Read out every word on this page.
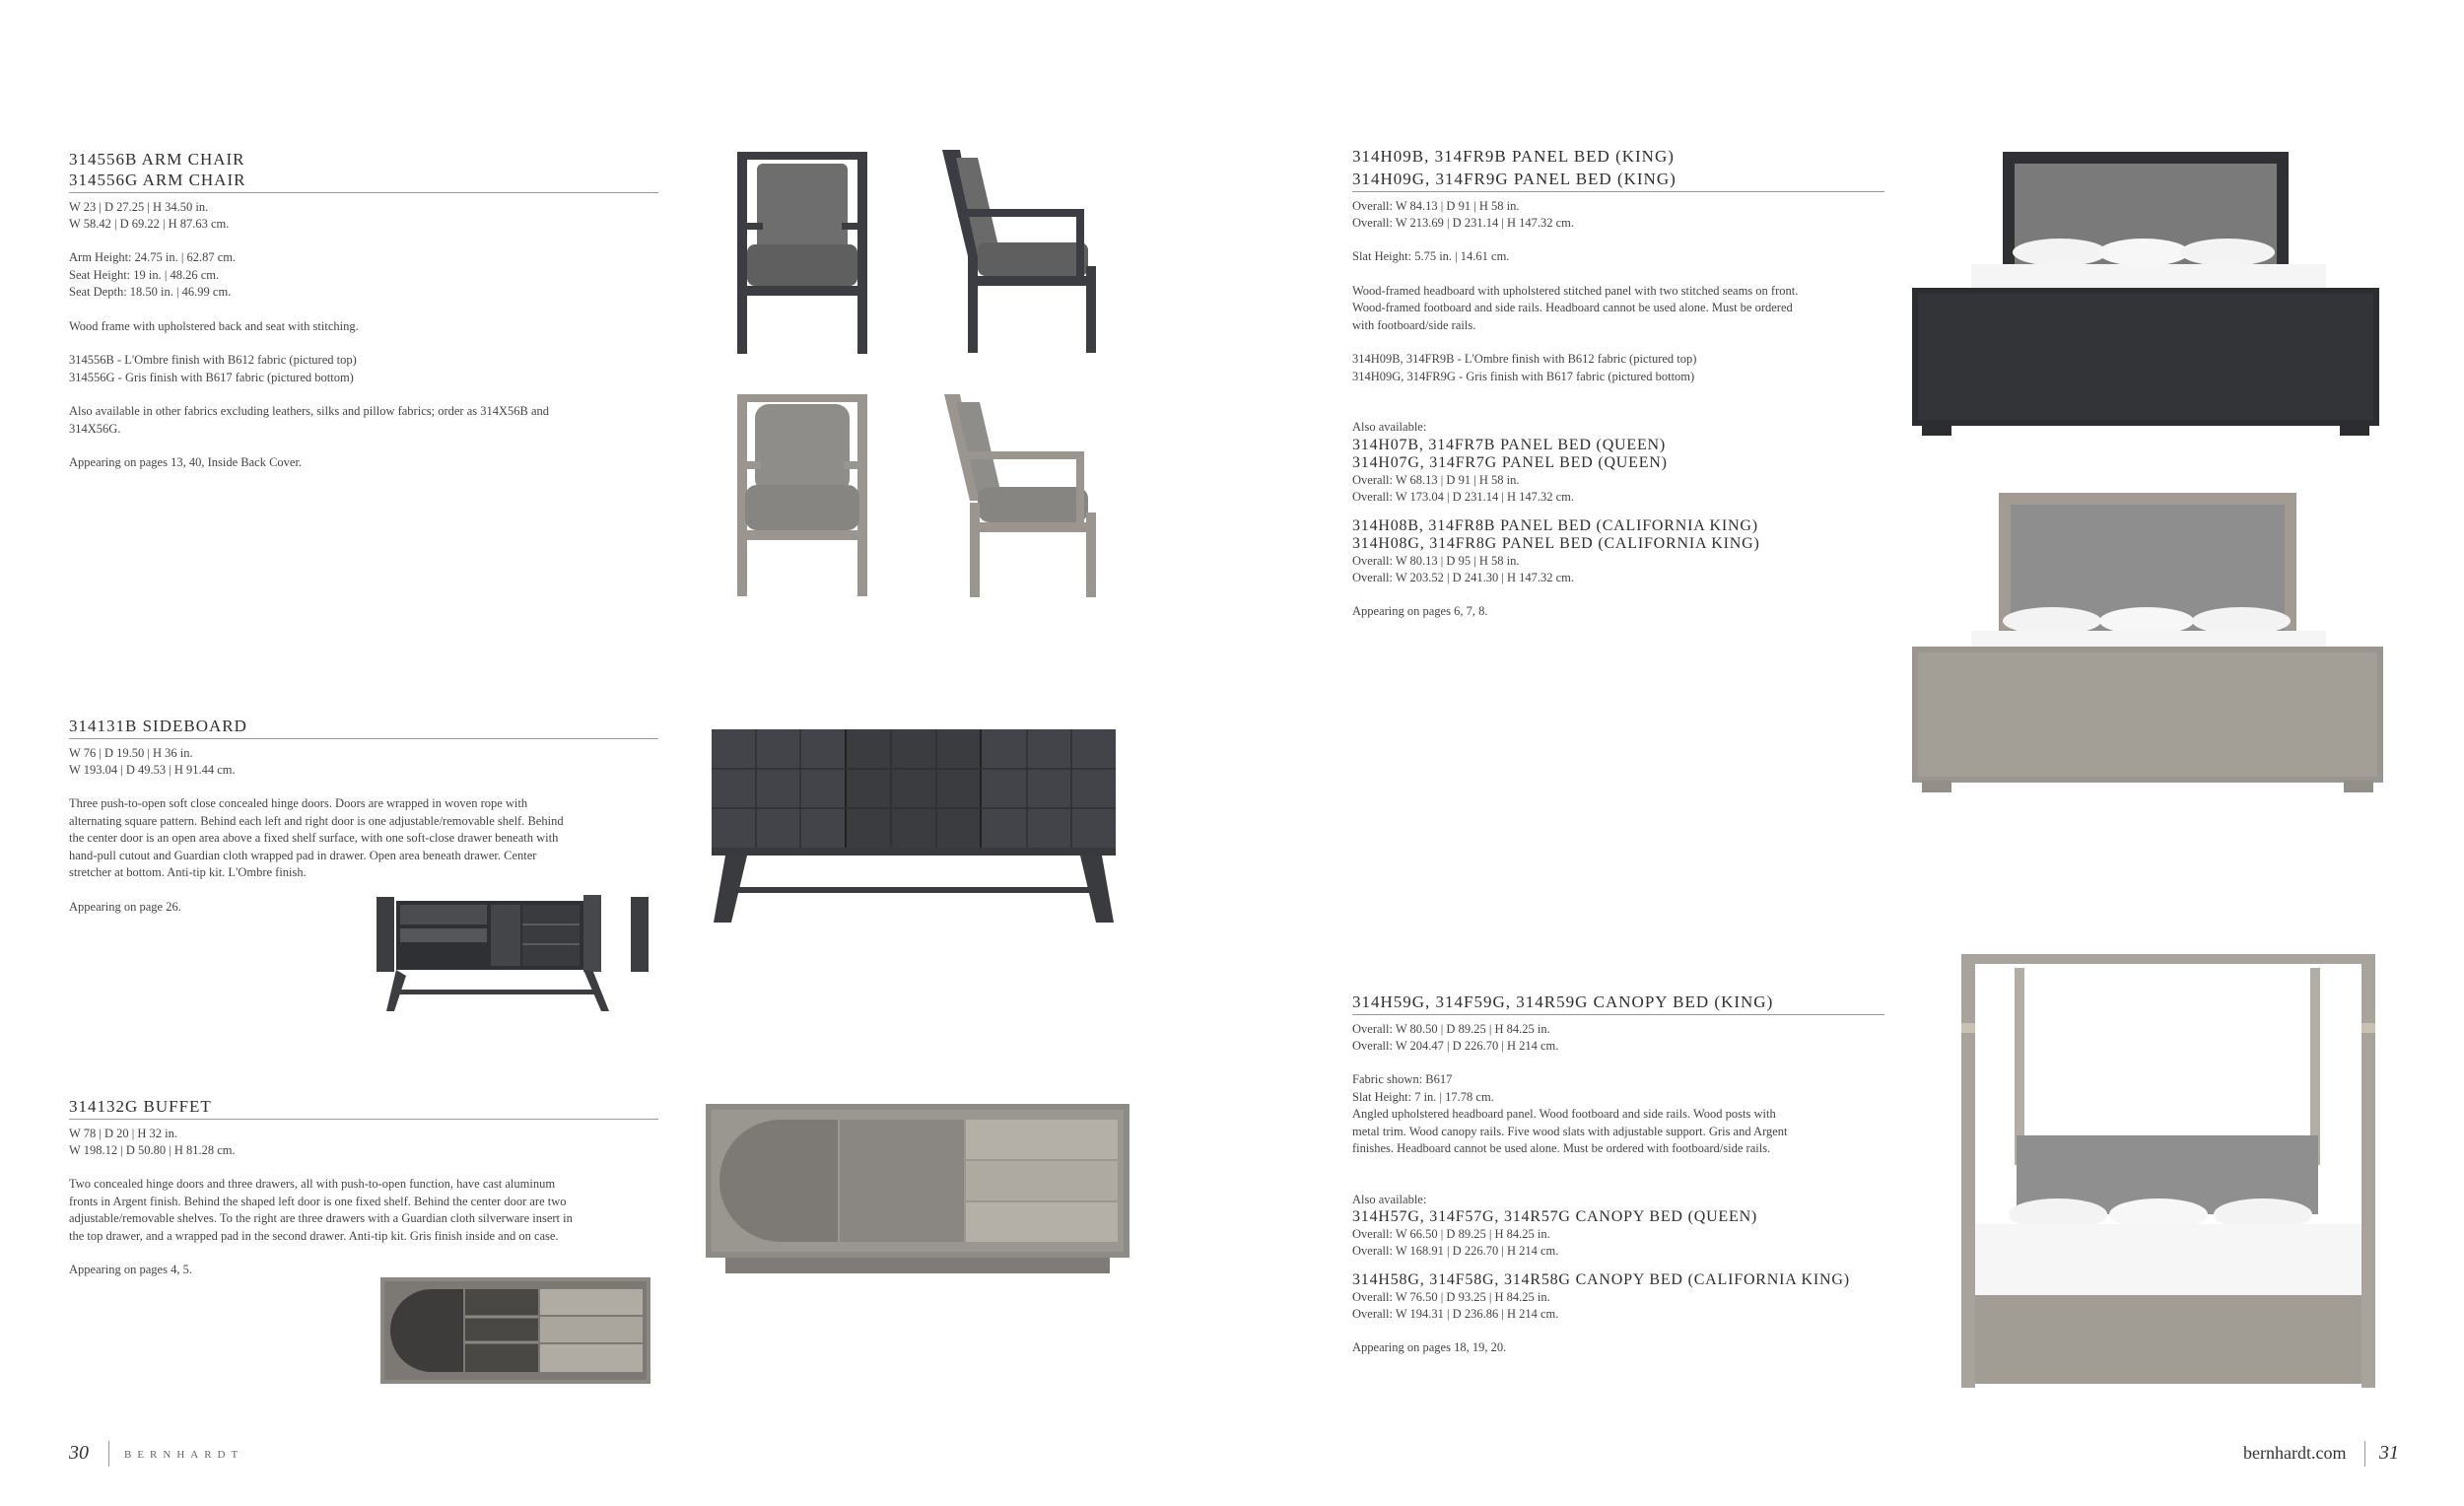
314556B ARM CHAIR
314556G ARM CHAIR
W 23 | D 27.25 | H 34.50 in.
W 58.42 | D 69.22 | H 87.63 cm.
Arm Height: 24.75 in. | 62.87 cm.
Seat Height: 19 in. | 48.26 cm.
Seat Depth: 18.50 in. | 46.99 cm.
Wood frame with upholstered back and seat with stitching.
314556B - L'Ombre finish with B612 fabric (pictured top)
314556G - Gris finish with B617 fabric (pictured bottom)
Also available in other fabrics excluding leathers, silks and pillow fabrics; order as 314X56B and
314X56G.
Appearing on pages 13, 40, Inside Back Cover.
314131B SIDEBOARD
W 76 | D 19.50 | H 36 in.
W 193.04 | D 49.53 | H 91.44 cm.
Three push-to-open soft close concealed hinge doors. Doors are wrapped in woven rope with
alternating square pattern. Behind each left and right door is one adjustable/removable shelf. Behind
the center door is an open area above a fixed shelf surface, with one soft-close drawer beneath with
hand-pull cutout and Guardian cloth wrapped pad in drawer. Open area beneath drawer. Center
stretcher at bottom. Anti-tip kit. L'Ombre finish.
Appearing on page 26.
314132G BUFFET
W 78 | D 20 | H 32 in.
W 198.12 | D 50.80 | H 81.28 cm.
Two concealed hinge doors and three drawers, all with push-to-open function, have cast aluminum
fronts in Argent finish. Behind the shaped left door is one fixed shelf. Behind the center door are two
adjustable/removable shelves. To the right are three drawers with a Guardian cloth silverware insert in
the top drawer, and a wrapped pad in the second drawer. Anti-tip kit. Gris finish inside and on case.
Appearing on pages 4, 5.
30	BERNHARDT
314H09B, 314FR9B PANEL BED (KING)
314H09G, 314FR9G PANEL BED (KING)
Overall: W 84.13 | D 91 | H 58 in.
Overall: W 213.69 | D 231.14 | H 147.32 cm.
Slat Height: 5.75 in. | 14.61 cm.
Wood-framed headboard with upholstered stitched panel with two stitched seams on front.
Wood-framed footboard and side rails. Headboard cannot be used alone. Must be ordered
with footboard/side rails.
314H09B, 314FR9B - L'Ombre finish with B612 fabric (pictured top)
314H09G, 314FR9G - Gris finish with B617 fabric (pictured bottom)
Also available:
314H07B, 314FR7B PANEL BED (QUEEN)
314H07G, 314FR7G PANEL BED (QUEEN)
Overall: W 68.13 | D 91 | H 58 in.
Overall: W 173.04 | D 231.14 | H 147.32 cm.
314H08B, 314FR8B PANEL BED (CALIFORNIA KING)
314H08G, 314FR8G PANEL BED (CALIFORNIA KING)
Overall: W 80.13 | D 95 | H 58 in.
Overall: W 203.52 | D 241.30 | H 147.32 cm.
Appearing on pages 6, 7, 8.
314H59G, 314F59G, 314R59G CANOPY BED (KING)
Overall: W 80.50 | D 89.25 | H 84.25 in.
Overall: W 204.47 | D 226.70 | H 214 cm.
Fabric shown: B617
Slat Height: 7 in. | 17.78 cm.
Angled upholstered headboard panel. Wood footboard and side rails. Wood posts with
metal trim. Wood canopy rails. Five wood slats with adjustable support. Gris and Argent
finishes. Headboard cannot be used alone. Must be ordered with footboard/side rails.
Also available:
314H57G, 314F57G, 314R57G CANOPY BED (QUEEN)
Overall: W 66.50 | D 89.25 | H 84.25 in.
Overall: W 168.91 | D 226.70 | H 214 cm.
314H58G, 314F58G, 314R58G CANOPY BED (CALIFORNIA KING)
Overall: W 76.50 | D 93.25 | H 84.25 in.
Overall: W 194.31 | D 236.86 | H 214 cm.
Appearing on pages 18, 19, 20.
bernhardt.com 31
